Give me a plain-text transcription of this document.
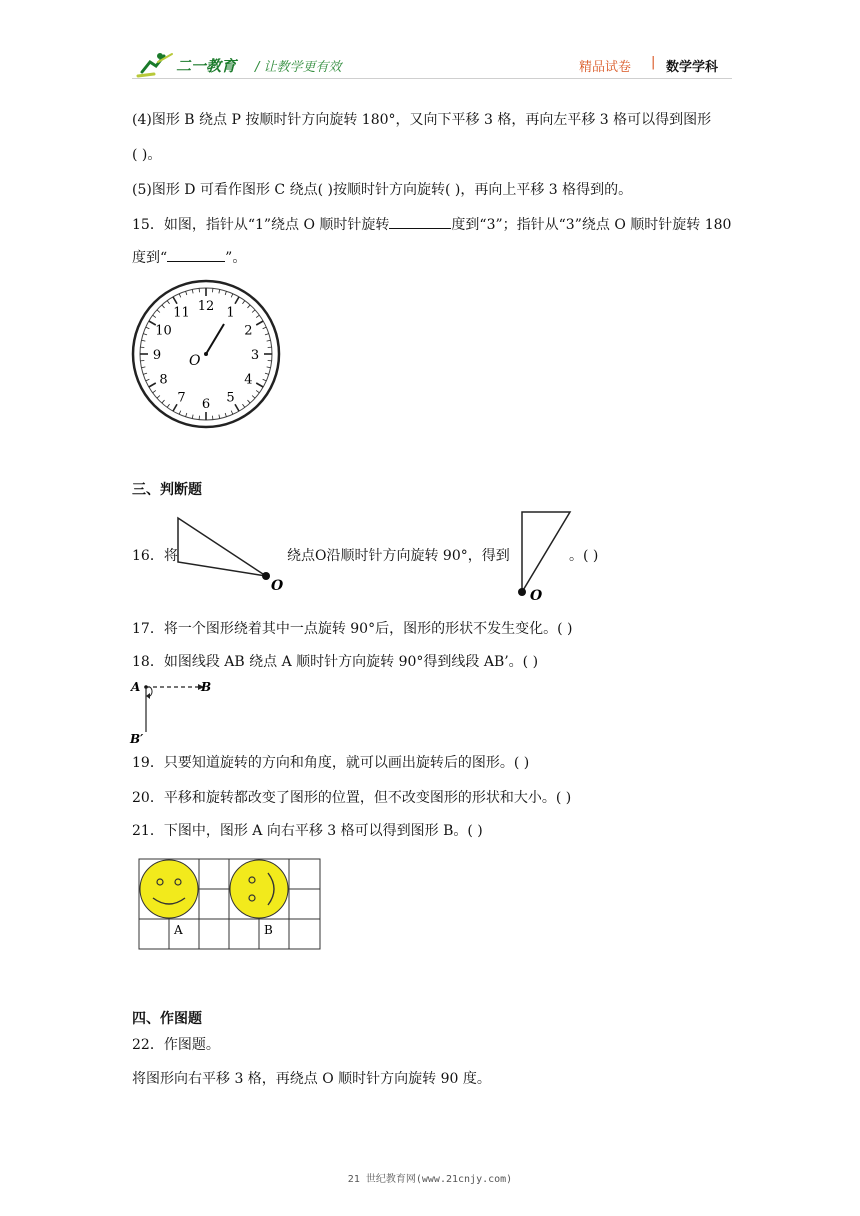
二一教育 / 让教学更有效	精品试卷 | 数学学科
(4)图形 B 绕点 P 按顺时针方向旋转 180°，又向下平移 3 格，再向左平移 3 格可以得到图形
( )。
(5)图形 D 可看作图形 C 绕点( )按顺时针方向旋转( )，再向上平移 3 格得到的。
15．如图，指针从“1”绕点 O 顺时针旋转	度到“3”；指针从“3”绕点 O 顺时针旋转 180
度到“	”。
12 1
2
3
4
5
6
7
8
9
10
11
O
三、判断题
16．将
O
绕点O沿顺时针方向旋转 90°，得到
O
。( )
17．将一个图形绕着其中一点旋转 90°后，图形的形状不发生变化。( )
18．如图线段 AB 绕点 A 顺时针方向旋转 90°得到线段 AB’。( )
A	B
B′
19．只要知道旋转的方向和角度，就可以画出旋转后的图形。( )
20．平移和旋转都改变了图形的位置，但不改变图形的形状和大小。( )
21．下图中，图形 A 向右平移 3 格可以得到图形 B。( )
A	B
四、作图题
22．作图题。
将图形向右平移 3 格，再绕点 O 顺时针方向旋转 90 度。
21 世纪教育网(www.21cnjy.com)
